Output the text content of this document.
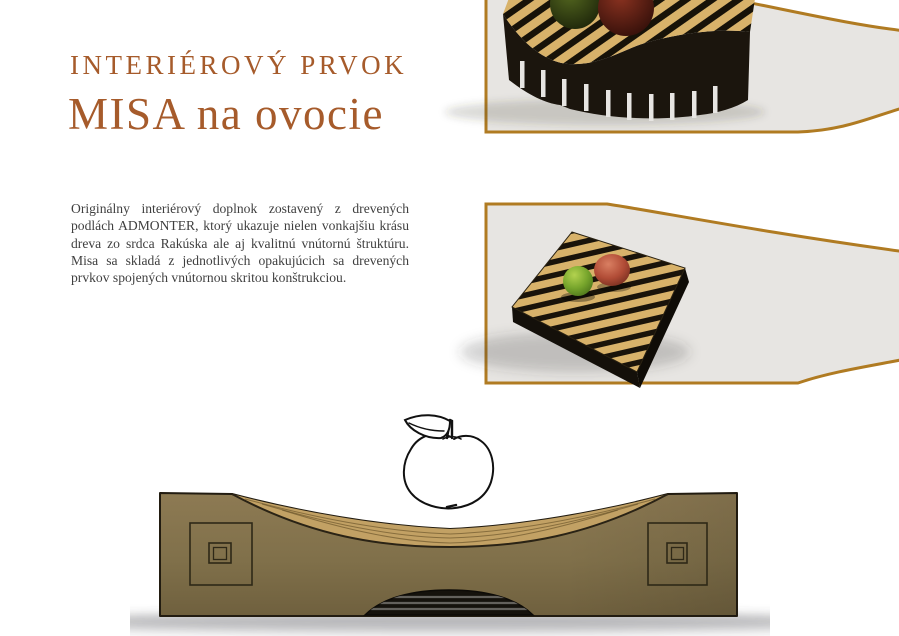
INTERIÉROVÝ PRVOK
MISA na ovocie
Originálny interiérový doplnok zostavený z drevených podlách ADMONTER, ktorý ukazuje nielen vonkajšiu krásu dreva zo srdca Rakúska ale aj kvalitnú vnútornú štruktúru. Misa sa skladá z jednotlivých opakujúcich sa drevených prvkov spojených vnútornou skritou konštrukciou.
